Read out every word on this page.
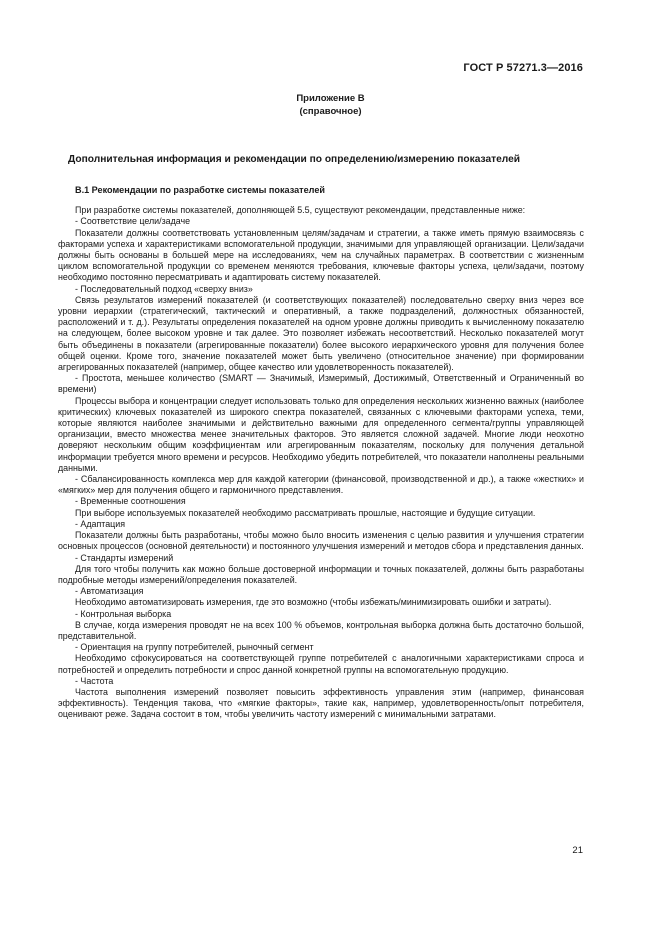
ГОСТ Р 57271.3—2016
Приложение В
(справочное)
Дополнительная информация и рекомендации по определению/измерению показателей
В.1 Рекомендации по разработке системы показателей

При разработке системы показателей, дополняющей 5.5, существуют рекомендации, представленные ниже:

- Соответствие цели/задаче

Показатели должны соответствовать установленным целям/задачам и стратегии, а также иметь прямую взаимосвязь с факторами успеха и характеристиками вспомогательной продукции, значимыми для управляющей организации. Цели/задачи должны быть основаны в большей мере на исследованиях, чем на случайных параметрах. В соответствии с жизненным циклом вспомогательной продукции со временем меняются требования, ключевые факторы успеха, цели/задачи, поэтому необходимо постоянно пересматривать и адаптировать систему показателей.

- Последовательный подход «сверху вниз»

Связь результатов измерений показателей (и соответствующих показателей) последовательно сверху вниз через все уровни иерархии (стратегический, тактический и оперативный, а также подразделений, должностных обязанностей, расположений и т. д.). Результаты определения показателей на одном уровне должны приводить к вычисленному показателю на следующем, более высоком уровне и так далее. Это позволяет избежать несоответствий. Несколько показателей могут быть объединены в показатели (агрегированные показатели) более высокого иерархического уровня для получения более общей оценки. Кроме того, значение показателей может быть увеличено (относительное значение) при формировании агрегированных показателей (например, общее качество или удовлетворенность показателей).

- Простота, меньшее количество (SMART — Значимый, Измеримый, Достижимый, Ответственный и Ограниченный во времени)

Процессы выбора и концентрации следует использовать только для определения нескольких жизненно важных (наиболее критических) ключевых показателей из широкого спектра показателей, связанных с ключевыми факторами успеха, теми, которые являются наиболее значимыми и действительно важными для определенного сегмента/группы управляющей организации, вместо множества менее значительных факторов. Это является сложной задачей. Многие люди неохотно доверяют нескольким общим коэффициентам или агрегированным показателям, поскольку для получения детальной информации требуется много времени и ресурсов. Необходимо убедить потребителей, что показатели наполнены реальными данными.

- Сбалансированность комплекса мер для каждой категории (финансовой, производственной и др.), а также «жестких» и «мягких» мер для получения общего и гармоничного представления.

- Временные соотношения

При выборе используемых показателей необходимо рассматривать прошлые, настоящие и будущие ситуации.

- Адаптация

Показатели должны быть разработаны, чтобы можно было вносить изменения с целью развития и улучшения стратегии основных процессов (основной деятельности) и постоянного улучшения измерений и методов сбора и представления данных.

- Стандарты измерений

Для того чтобы получить как можно больше достоверной информации и точных показателей, должны быть разработаны подробные методы измерений/определения показателей.

- Автоматизация

Необходимо автоматизировать измерения, где это возможно (чтобы избежать/минимизировать ошибки и затраты).

- Контрольная выборка

В случае, когда измерения проводят не на всех 100 % объемов, контрольная выборка должна быть достаточно большой, представительной.

- Ориентация на группу потребителей, рыночный сегмент

Необходимо сфокусироваться на соответствующей группе потребителей с аналогичными характеристиками спроса и потребностей и определить потребности и спрос данной конкретной группы на вспомогательную продукцию.

- Частота

Частота выполнения измерений позволяет повысить эффективность управления этим (например, финансовая эффективность). Тенденция такова, что «мягкие факторы», такие как, например, удовлетворенность/опыт потребителя, оценивают реже. Задача состоит в том, чтобы увеличить частоту измерений с минимальными затратами.

21
